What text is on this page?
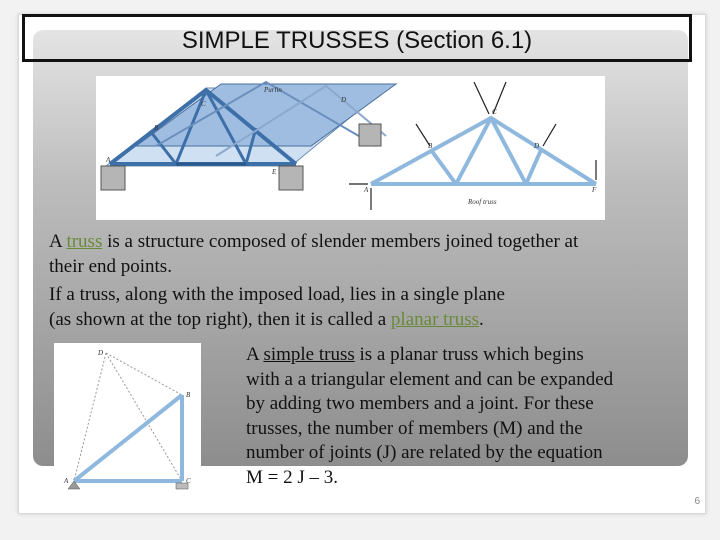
SIMPLE TRUSSES (Section 6.1)
Purlin
C	D
B
A
E
C
B	D
A	F
Roof truss
D
B
A	C
A truss is a structure composed of slender members joined together at
their end points.
If a truss, along with the imposed load, lies in a single plane
(as shown at the top right), then it is called a planar truss.
A simple truss is a planar truss which begins
with a a triangular element and can be expanded
by adding two members and a joint. For these
trusses, the number of members (M) and the
number of joints (J) are related by the equation
M = 2 J – 3.
6
